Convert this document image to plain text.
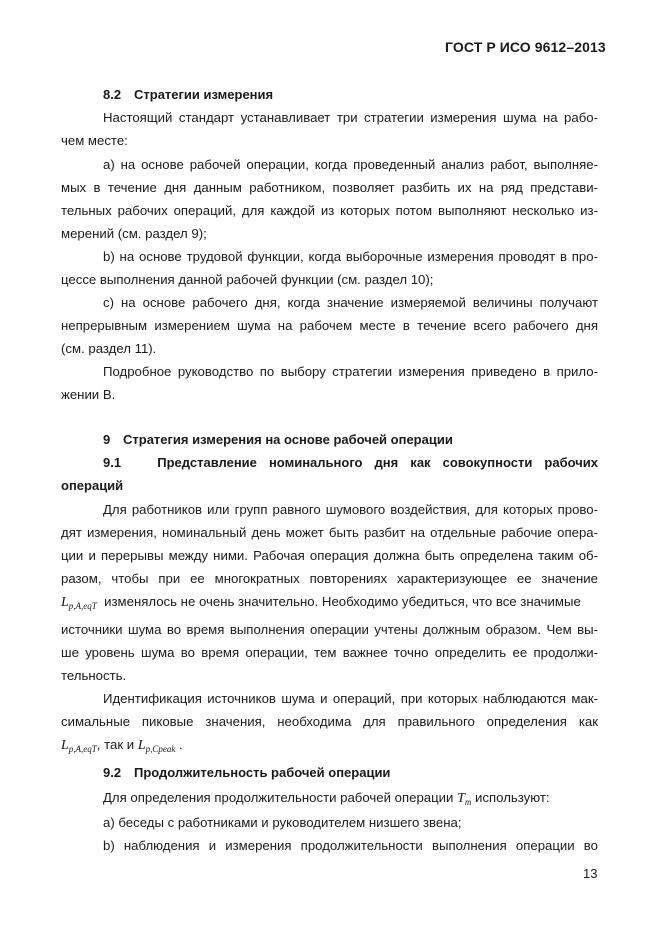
ГОСТ Р ИСО 9612–2013
8.2 Стратегии измерения
Настоящий стандарт устанавливает три стратегии измерения шума на рабо-
чем месте:
а) на основе рабочей операции, когда проведенный анализ работ, выполняе-
мых в течение дня данным работником, позволяет разбить их на ряд представи-
тельных рабочих операций, для каждой из которых потом выполняют несколько из-
мерений (см. раздел 9);
b) на основе трудовой функции, когда выборочные измерения проводят в про-
цессе выполнения данной рабочей функции (см. раздел 10);
с) на основе рабочего дня, когда значение измеряемой величины получают
непрерывным измерением шума на рабочем месте в течение всего рабочего дня
(см. раздел 11).
Подробное руководство по выбору стратегии измерения приведено в прило-
жении В.
9 Стратегия измерения на основе рабочей операции
9.1	Представление номинального дня как совокупности рабочих
операций
Для работников или групп равного шумового воздействия, для которых прово-
дят измерения, номинальный день может быть разбит на отдельные рабочие опера-
ции и перерывы между ними. Рабочая операция должна быть определена таким об-
разом, чтобы при ее многократных повторениях характеризующее ее значение
$L_{p,A,eqT}$ изменялось не очень значительно. Необходимо убедиться, что все значимые
источники шума во время выполнения операции учтены должным образом. Чем вы-
ше уровень шума во время операции, тем важнее точно определить ее продолжи-
тельность.
Идентификация источников шума и операций, при которых наблюдаются мак-
симальные пиковые значения, необходима для правильного определения как
$L_{p,A,eqT}$, так и $L_{p,Cpeak}$ .
9.2 Продолжительность рабочей операции
Для определения продолжительности рабочей операции $T_m$ используют:
а) беседы с работниками и руководителем низшего звена;
b) наблюдения и измерения продолжительности выполнения операции во
13
